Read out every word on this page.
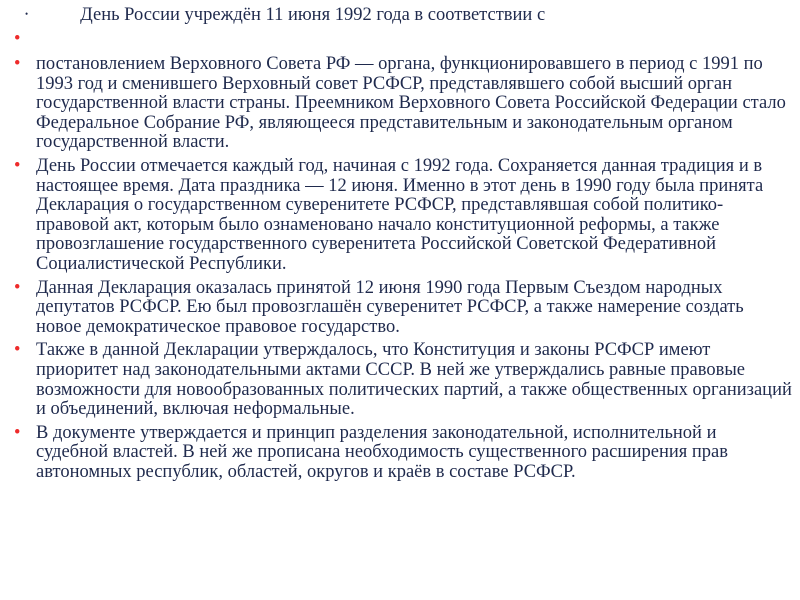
•	День России учреждён 11 июня 1992 года в соответствии с
•
• постановлением Верховного Совета РФ — органа, функционировавшего в период с 1991 по 1993 год и сменившего Верховный совет РСФСР, представлявшего собой высший орган государственной власти страны. Преемником Верховного Совета Российской Федерации стало Федеральное Собрание РФ, являющееся представительным и законодательным органом государственной власти.
• День России отмечается каждый год, начиная с 1992 года. Сохраняется данная традиция и в настоящее время. Дата праздника — 12 июня. Именно в этот день в 1990 году была принята Декларация о государственном суверенитете РСФСР, представлявшая собой политико-правовой акт, которым было ознаменовано начало конституционной реформы, а также провозглашение государственного суверенитета Российской Советской Федеративной Социалистической Республики.
• Данная Декларация оказалась принятой 12 июня 1990 года Первым Съездом народных депутатов РСФСР. Ею был провозглашён суверенитет РСФСР, а также намерение создать новое демократическое правовое государство.
• Также в данной Декларации утверждалось, что Конституция и законы РСФСР имеют приоритет над законодательными актами СССР. В ней же утверждались равные правовые возможности для новообразованных политических партий, а также общественных организаций и объединений, включая неформальные.
• В документе утверждается и принцип разделения законодательной, исполнительной и судебной властей. В ней же прописана необходимость существенного расширения прав автономных республик, областей, округов и краёв в составе РСФСР.
